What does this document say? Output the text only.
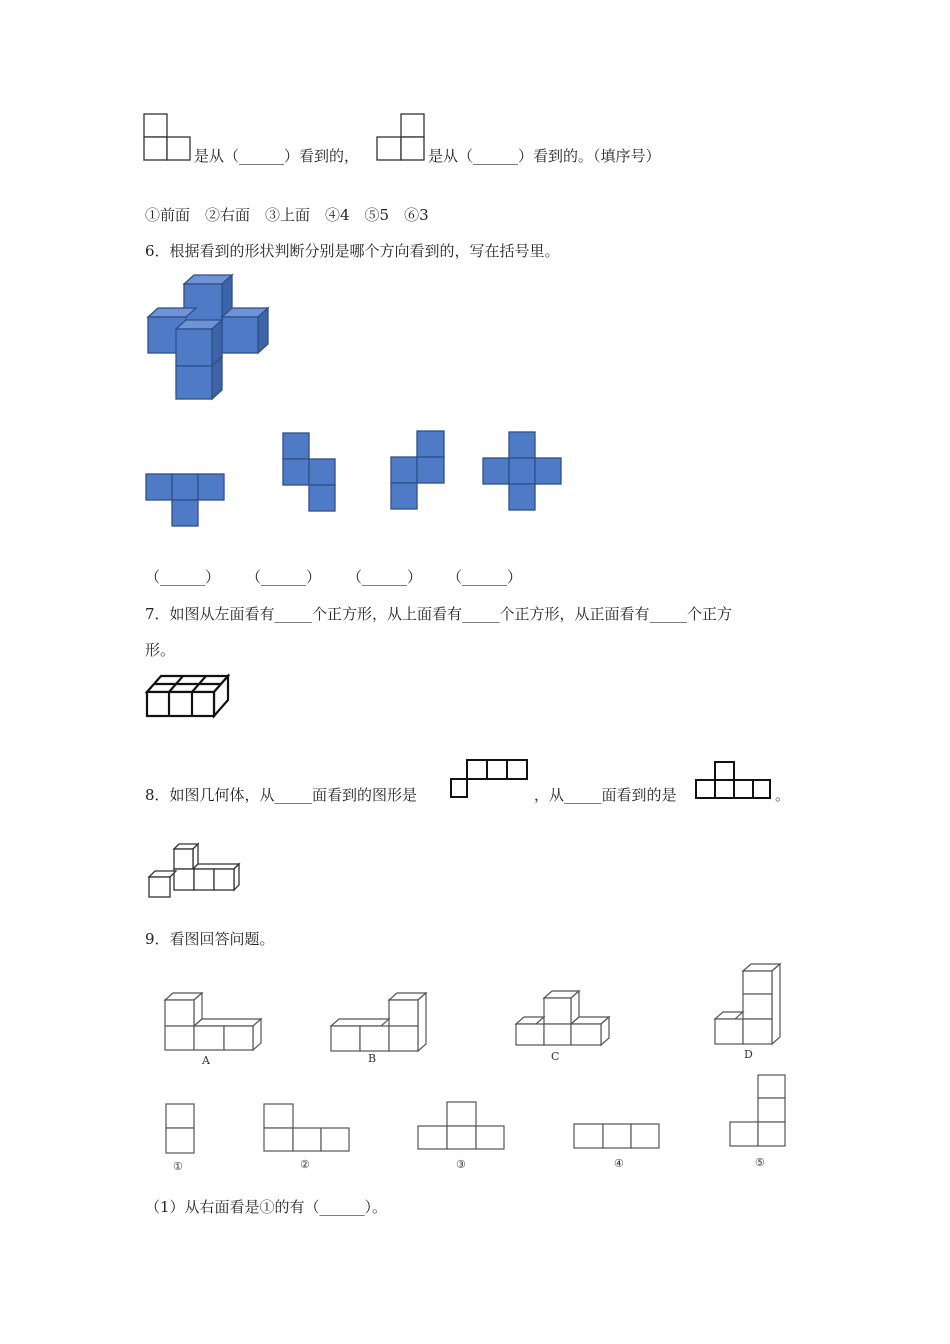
是从（______）看到的，	是从（______）看到的。（填序号）
①前面　②右面　③上面　④4　⑤5　⑥3
6．根据看到的形状判断分别是哪个方向看到的，写在括号里。
（______） （______） （______） （______）
7．如图从左面看有_____个正方形，从上面看有_____个正方形，从正面看有_____个正方
形。
8．如图几何体，从_____面看到的图形是	，从_____面看到的是	。
9．看图回答问题。
A	B	C	D
①	②	③	④	⑤
（1）从右面看是①的有（______）。
